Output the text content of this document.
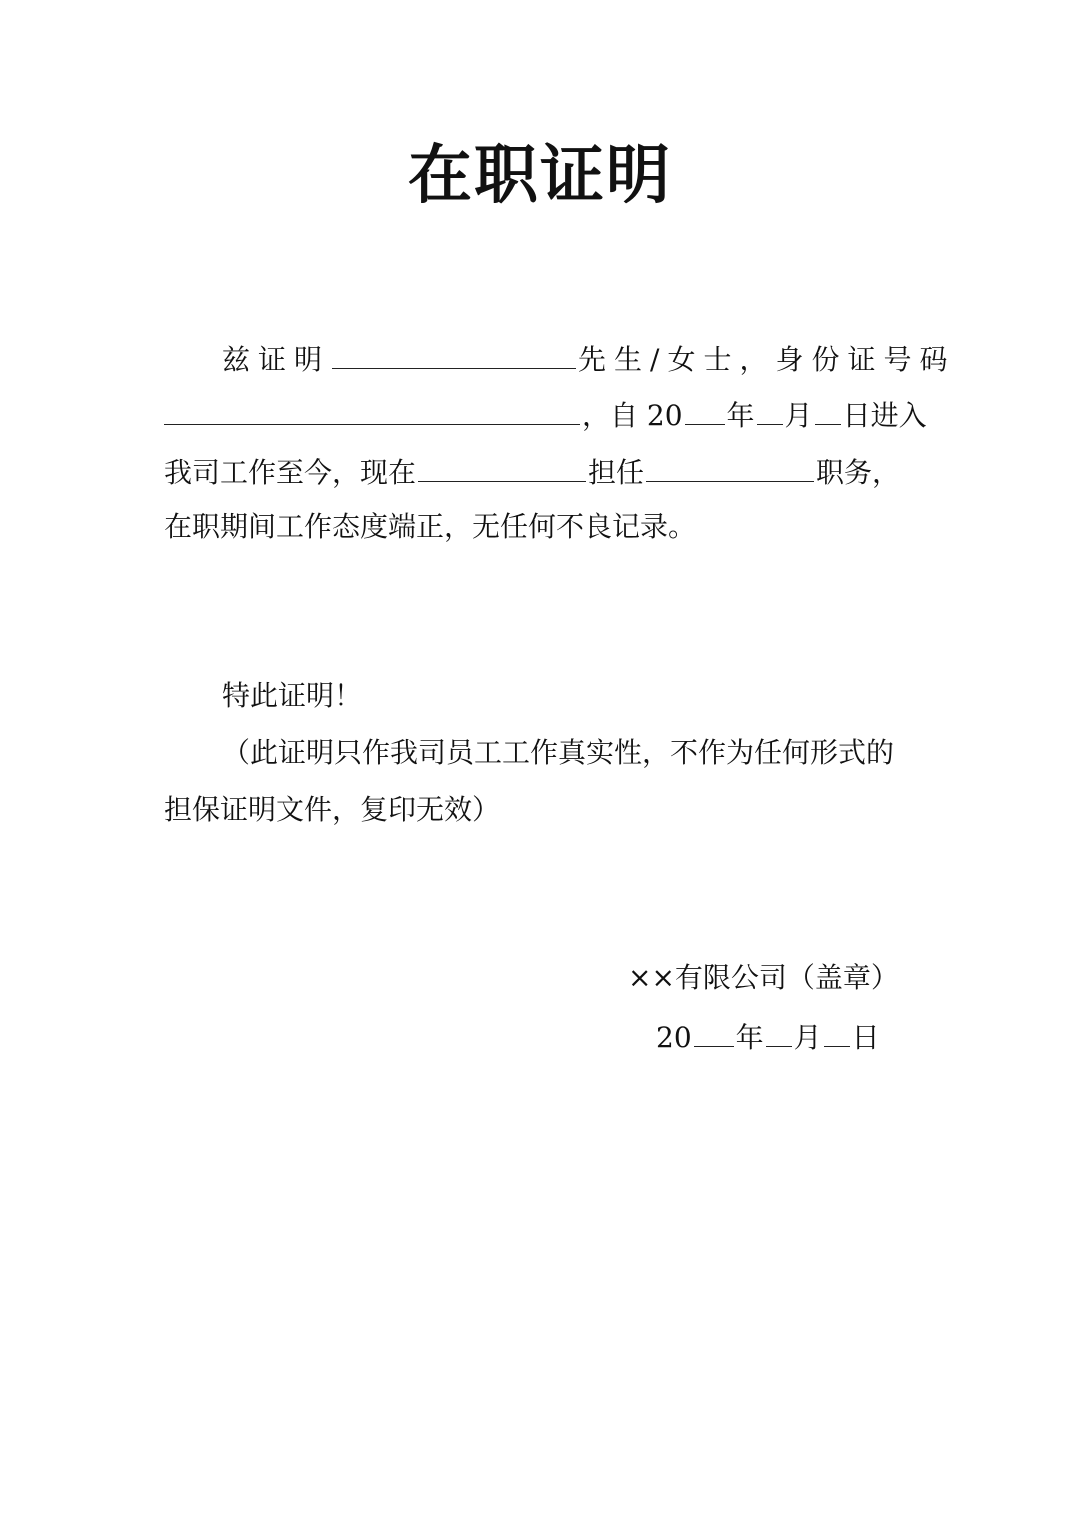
在职证明
兹证明	先生/女士，身份证号码
，自 20 年 月 日进入
我司工作至今，现在	担任	职务，
在职期间工作态度端正，无任何不良记录。
特此证明！
（此证明只作我司员工工作真实性，不作为任何形式的
担保证明文件，复印无效）
××有限公司（盖章）
20 年 月 日
